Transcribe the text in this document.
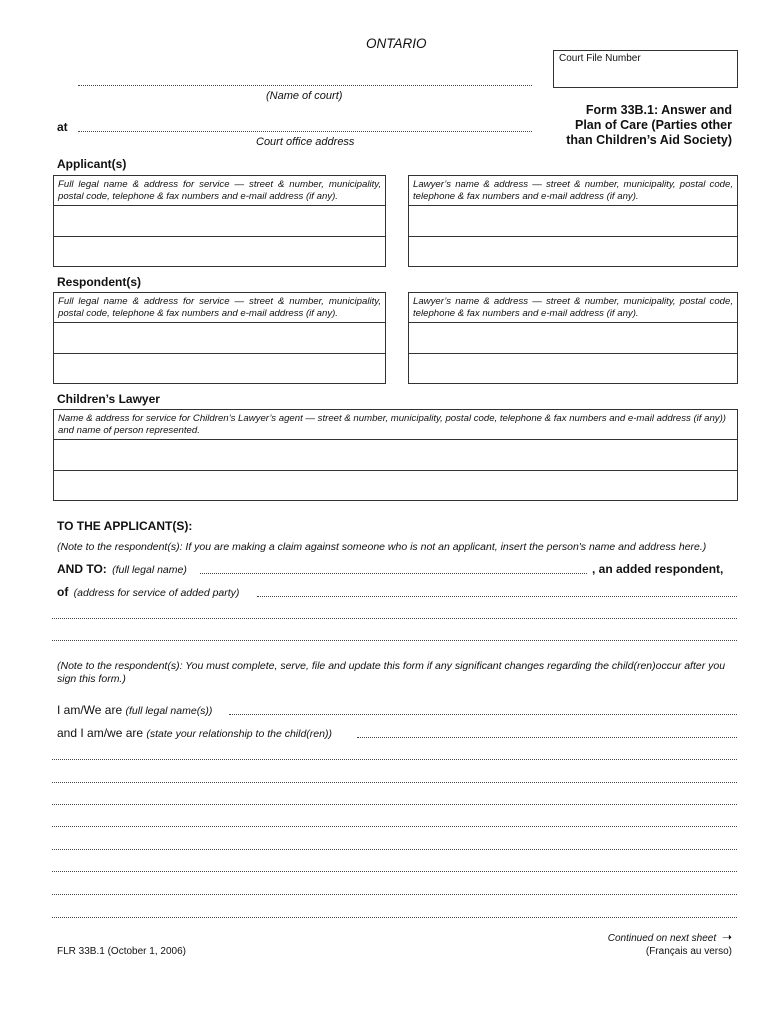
ONTARIO
Court File Number
(Name of court)
at
Court office address
Form 33B.1: Answer and
Plan of Care (Parties other
than Children’s Aid Society)
Applicant(s)
Full legal name & address for service — street & number, municipality, postal code, telephone & fax numbers and e-mail address (if any).
Lawyer’s name & address — street & number, municipality, postal code, telephone & fax numbers and e-mail address (if any).
Respondent(s)
Full legal name & address for service — street & number, municipality, postal code, telephone & fax numbers and e-mail address (if any).
Lawyer’s name & address — street & number, municipality, postal code, telephone & fax numbers and e-mail address (if any).
Children’s Lawyer
Name & address for service for Children’s Lawyer’s agent — street & number, municipality, postal code, telephone & fax numbers and e-mail address (if any)) and name of person represented.
TO THE APPLICANT(S):
(Note to the respondent(s): If you are making a claim against someone who is not an applicant, insert the person's name and address here.)
AND TO: (full legal name)	, an added respondent,
of (address for service of added party)
(Note to the respondent(s): You must complete, serve, file and update this form if any significant changes regarding the child(ren)occur after you sign this form.)
I am/We are (full legal name(s))
and I am/we are (state your relationship to the child(ren))
Continued on next sheet ➝
FLR 33B.1 (October 1, 2006)	(Français au verso)
